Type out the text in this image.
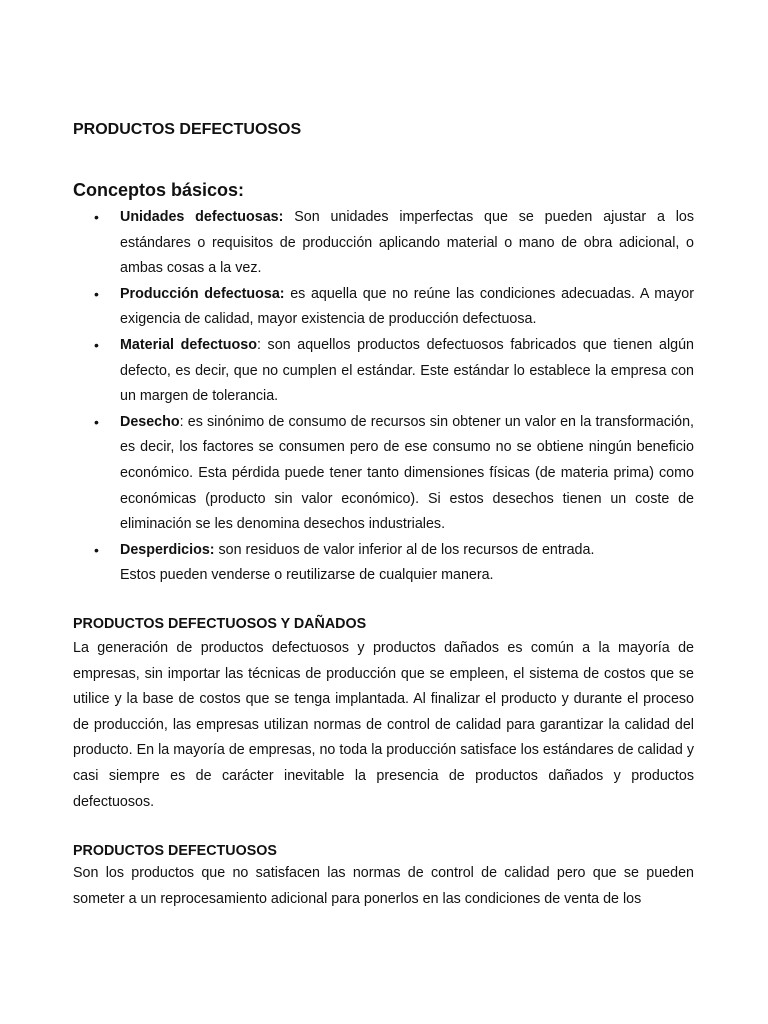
PRODUCTOS DEFECTUOSOS
Conceptos básicos:
• Unidades defectuosas: Son unidades imperfectas que se pueden ajustar a los estándares o requisitos de producción aplicando material o mano de obra adicional, o ambas cosas a la vez.
• Producción defectuosa: es aquella que no reúne las condiciones adecuadas. A mayor exigencia de calidad, mayor existencia de producción defectuosa.
• Material defectuoso: son aquellos productos defectuosos fabricados que tienen algún defecto, es decir, que no cumplen el estándar. Este estándar lo establece la empresa con un margen de tolerancia.
• Desecho: es sinónimo de consumo de recursos sin obtener un valor en la transformación, es decir, los factores se consumen pero de ese consumo no se obtiene ningún beneficio económico. Esta pérdida puede tener tanto dimensiones físicas (de materia prima) como económicas (producto sin valor económico). Si estos desechos tienen un coste de eliminación se les denomina desechos industriales.
• Desperdicios: son residuos de valor inferior al de los recursos de entrada.
Estos pueden venderse o reutilizarse de cualquier manera.
PRODUCTOS DEFECTUOSOS Y DAÑADOS

La generación de productos defectuosos y productos dañados es común a la mayoría de empresas, sin importar las técnicas de producción que se empleen, el sistema de costos que se utilice y la base de costos que se tenga implantada. Al finalizar el producto y durante el proceso de producción, las empresas utilizan normas de control de calidad para garantizar la calidad del producto. En la mayoría de empresas, no toda la producción satisface los estándares de calidad y casi siempre es de carácter inevitable la presencia de productos dañados y productos defectuosos.

PRODUCTOS DEFECTUOSOS

Son los productos que no satisfacen las normas de control de calidad pero que se pueden someter a un reprocesamiento adicional para ponerlos en las condiciones de venta de los
